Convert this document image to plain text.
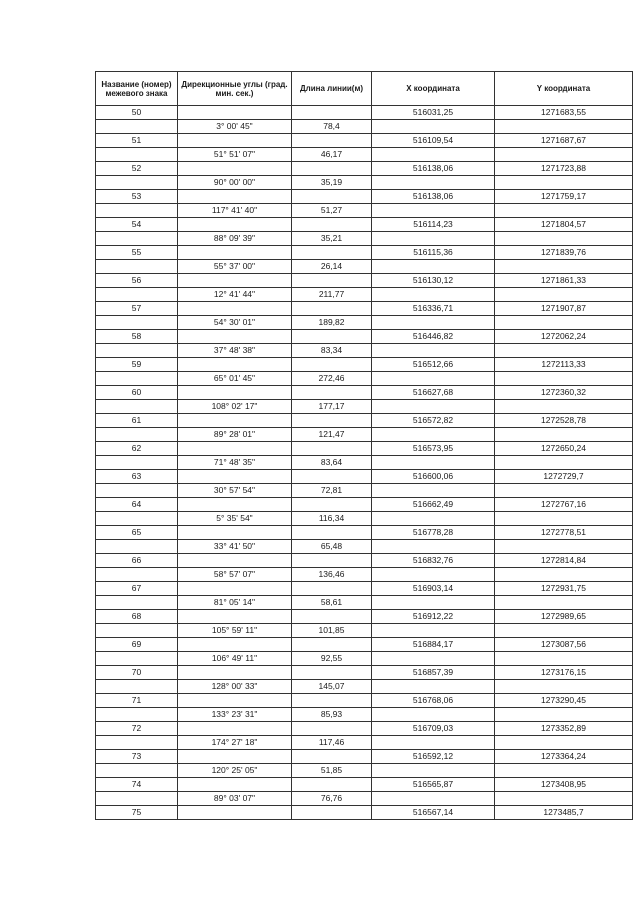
Название (номер) межевого знака	Дирекционные углы (град. мин. сек.)	Длина линии(м)	X координата	Y координата
50			516031,25	1271683,55
	3° 00' 45"	78,4		
51			516109,54	1271687,67
	51° 51' 07"	46,17		
52			516138,06	1271723,88
	90° 00' 00"	35,19		
53			516138,06	1271759,17
	117° 41' 40"	51,27		
54			516114,23	1271804,57
	88° 09' 39"	35,21		
55			516115,36	1271839,76
	55° 37' 00"	26,14		
56			516130,12	1271861,33
	12° 41' 44"	211,77		
57			516336,71	1271907,87
	54° 30' 01"	189,82		
58			516446,82	1272062,24
	37° 48' 38"	83,34		
59			516512,66	1272113,33
	65° 01' 45"	272,46		
60			516627,68	1272360,32
	108° 02' 17"	177,17		
61			516572,82	1272528,78
	89° 28' 01"	121,47		
62			516573,95	1272650,24
	71° 48' 35"	83,64		
63			516600,06	1272729,7
	30° 57' 54"	72,81		
64			516662,49	1272767,16
	5° 35' 54"	116,34		
65			516778,28	1272778,51
	33° 41' 50"	65,48		
66			516832,76	1272814,84
	58° 57' 07"	136,46		
67			516903,14	1272931,75
	81° 05' 14"	58,61		
68			516912,22	1272989,65
	105° 59' 11"	101,85		
69			516884,17	1273087,56
	106° 49' 11"	92,55		
70			516857,39	1273176,15
	128° 00' 33"	145,07		
71			516768,06	1273290,45
	133° 23' 31"	85,93		
72			516709,03	1273352,89
	174° 27' 18"	117,46		
73			516592,12	1273364,24
	120° 25' 05"	51,85		
74			516565,87	1273408,95
	89° 03' 07"	76,76		
75			516567,14	1273485,7
